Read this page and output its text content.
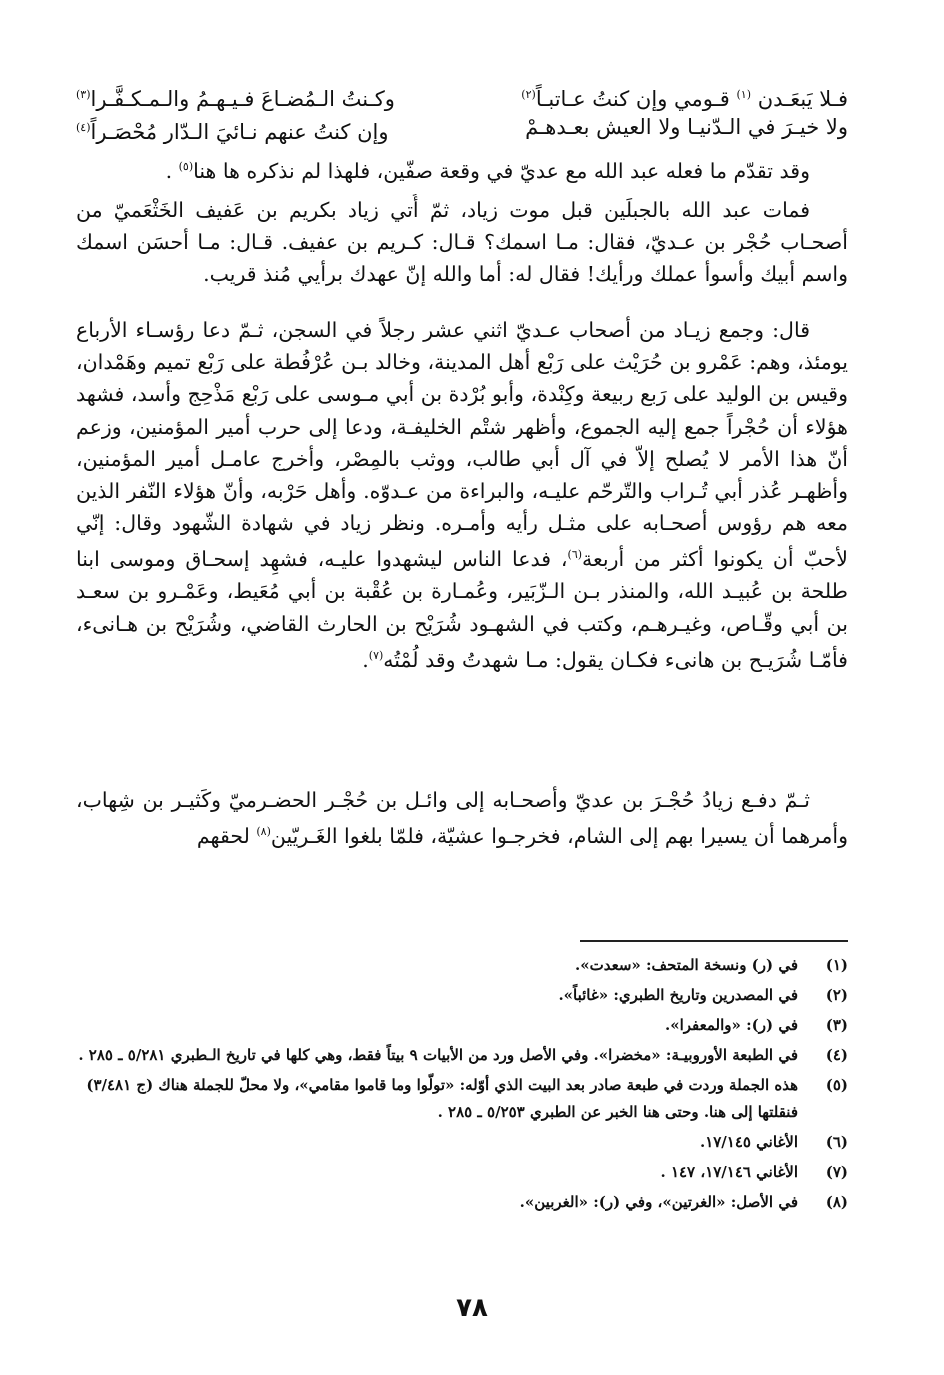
فـلا يَبعَـدن $^{(١)}$ قـومي وإن كنتُ عـاتبـاً$^{(٢)}$
وكـنتُ الـمُضـاعَ فـيـهـمُ والـمـكـفَّـرا$^{(٣)}$
ولا خيـرَ في الـدّنيـا ولا العيش بعـدهـمْ
وإن كنتُ عنهم نـائيَ الـدّارِ مُحْصَـراً$^{(٤)}$

وقد تقدّم ما فعله عبد الله مع عديّ في وقعة صفّين، فلهذا لم نذكره ها هنا$^{(٥)}$ .

فمات عبد الله بالجبلَين قبل موت زياد، ثمّ أُتي زياد بكريم بن عَفيف الخَثْعَميّ من أصحـاب حُجْر بن عـديّ، فقال: مـا اسمك؟ قـال: كـريم بن عفيف. قـال: مـا أحسَن اسمك واسم أبيك وأسوأ عملك ورأيك! فقال له: أما والله إنّ عهدك برأيي مُنذ قريب.

قال: وجمع زيـاد من أصحاب عـديّ اثني عشر رجلاً في السجن، ثـمّ دعا رؤسـاء الأرباع يومئذ، وهم: عَمْرو بن حُرَيْث على رَبْع أهل المدينة، وخالد بـن عُرْفُطة على رَبْع تميم وهَمْدان، وقيس بن الوليد على رَبع ربيعة وكِنْدة، وأبو بُرْدة بن أبي مـوسى على رَبْع مَذْحِج وأسد، فشهد هؤلاء أن حُجْراً جمع إليه الجموع، وأظهر شتْم الخليفـة، ودعا إلى حرب أمير المؤمنين، وزعم أنّ هذا الأمر لا يُصلح إلاّ في آل أبي طالب، ووثب بالمِصْر، وأخرج عامـل أمير المؤمنين، وأظهـر عُذر أبي تُـراب والتّرحّم عليـه، والبراءة من عـدوّه. وأهل حَرْبه، وأنّ هؤلاء النّفر الذين معه هم رؤوس أصحـابه على مثـل رأيه وأمـره. ونظر زياد في شهادة الشّهود وقال: إنّي لأحبّ أن يكونوا أكثر من أربعة$^{(٦)}$، فدعا الناس ليشهدوا عليـه، فشهِد إسحـاق وموسى ابنا طلحة بن عُبيـد الله، والمنذر بـن الـزّبَير، وعُمـارة بن عُقْبة بن أبي مُعَيط، وعَمْـرو بن سعـد بن أبي وقّـاص، وغيـرهـم، وكتب في الشهـود شُرَيْح بن الحارث القاضي، وشُرَيْح بن هـانىء، فأمّـا شُرَيـح بن هانىء فكـان يقول: مـا شهدتُ وقد لُمْتُه$^{(٧)}$.

ثـمّ دفـع زيادُ حُجْـرَ بن عديّ وأصحـابه إلى وائـل بن حُجْـر الحضـرميّ وكَثيـر بن شِهاب، وأمرهما أن يسيرا بهم إلى الشام، فخرجـوا عشيّة، فلمّا بلغوا الغَـريّين$^{(٨)}$ لحقهم

(١)
في (ر) ونسخة المتحف: «سعدت».
(٢)
في المصدرين وتاريخ الطبري: «غائباً».
(٣)
في (ر): «والمعفرا».
(٤)
في الطبعة الأوروبيـة: «مخضرا». وفي الأصل ورد من الأبيات ٩ بيتاً فقط، وهي كلها في تاريخ الـطبري ٥/٢٨١ ـ ٢٨٥ .
(٥)
هذه الجملة وردت في طبعة صادر بعد البيت الذي أوّله: «تولّوا وما قاموا مقامي»، ولا محلّ للجملة هناك (ج ٣/٤٨١) فنقلتها إلى هنا. وحتى هنا الخبر عن الطبري ٥/٢٥٣ ـ ٢٨٥ .
(٦)
الأغاني ١٧/١٤٥.
(٧)
الأغاني ١٧/١٤٦، ١٤٧ .
(٨)
في الأصل: «الغرتين»، وفي (ر): «الغربين».
٧٨
